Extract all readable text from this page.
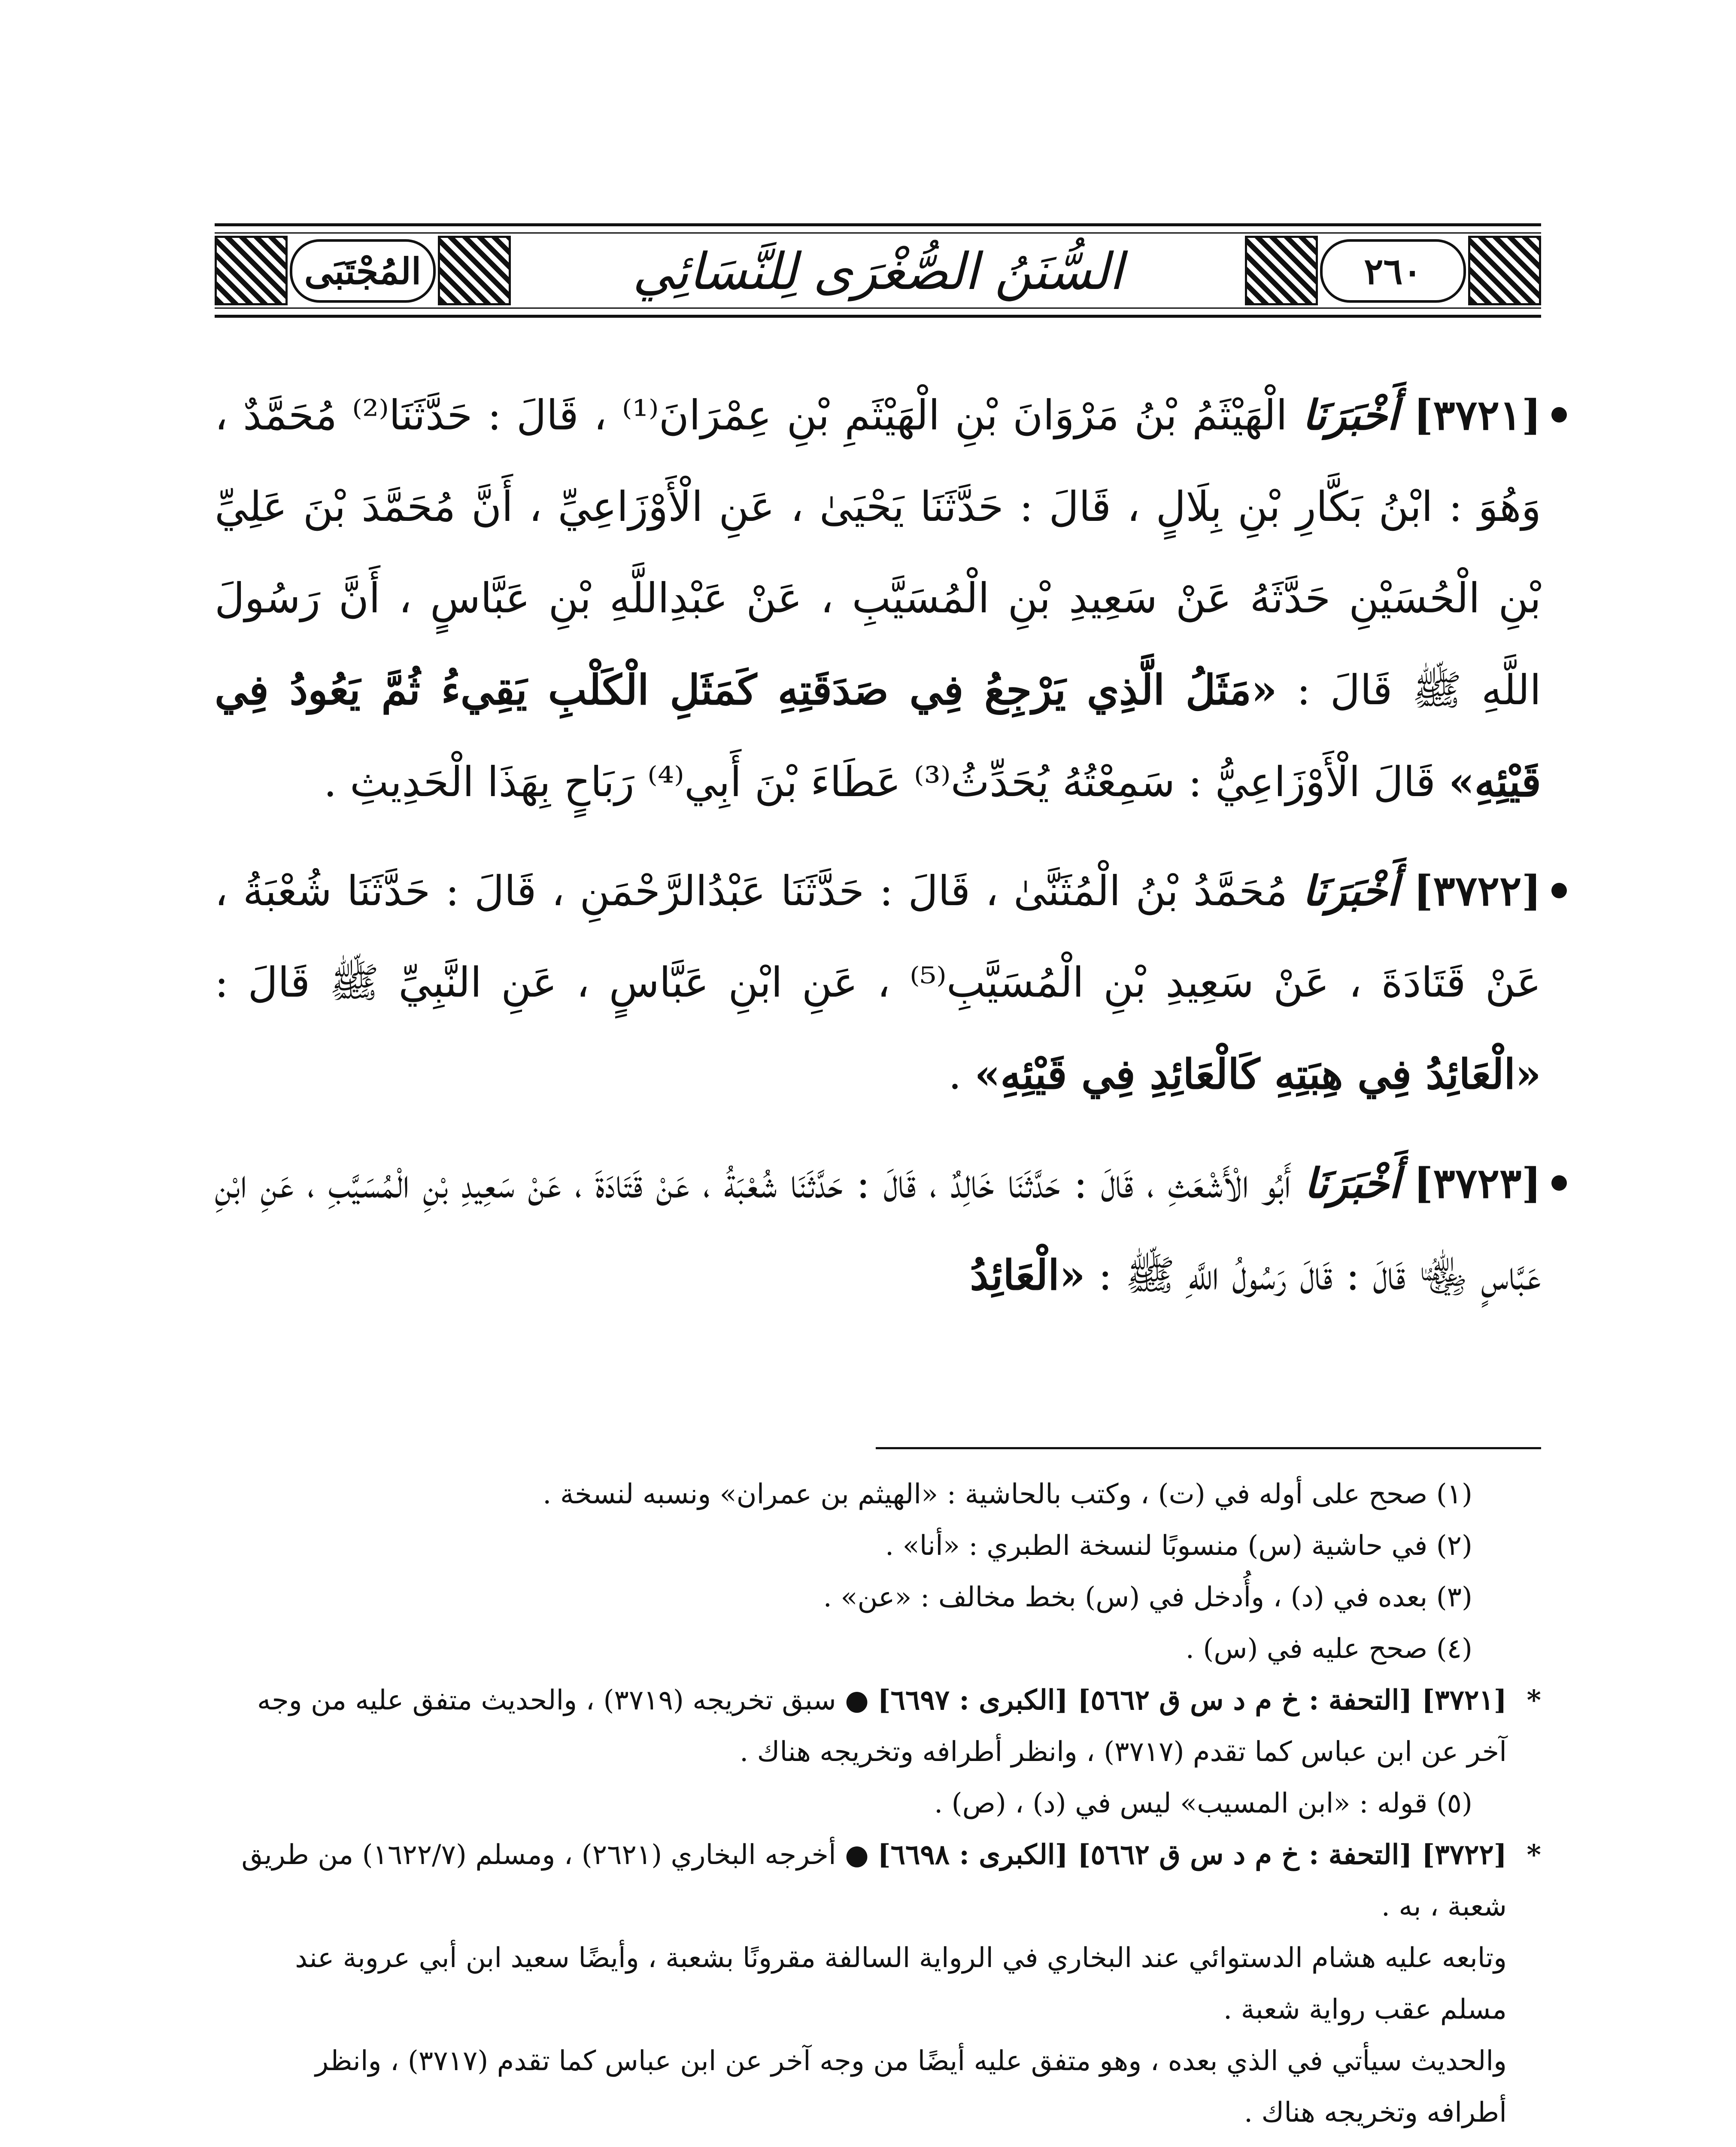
المُجْتَبَى	السُّنَنُ الصُّغْرَى لِلنَّسَائِي	٢٦٠
[٣٧٢١] أَخْبَرَنَا الْهَيْثَمُ بْنُ مَرْوَانَ بْنِ الْهَيْثَمِ بْنِ عِمْرَانَ⁽¹⁾ ، قَالَ : حَدَّثَنَا⁽²⁾ مُحَمَّدٌ ، وَهُوَ : ابْنُ بَكَّارِ بْنِ بِلَالٍ ، قَالَ : حَدَّثَنَا يَحْيَىٰ ، عَنِ الْأَوْزَاعِيِّ ، أَنَّ مُحَمَّدَ بْنَ عَلِيِّ بْنِ الْحُسَيْنِ حَدَّثَهُ عَنْ سَعِيدِ بْنِ الْمُسَيَّبِ ، عَنْ عَبْدِاللَّهِ بْنِ عَبَّاسٍ ، أَنَّ رَسُولَ اللَّهِ ﷺ قَالَ : «مَثَلُ الَّذِي يَرْجِعُ فِي صَدَقَتِهِ كَمَثَلِ الْكَلْبِ يَقِيءُ ثُمَّ يَعُودُ فِي قَيْئِهِ» قَالَ الْأَوْزَاعِيُّ : سَمِعْتُهُ يُحَدِّثُ⁽³⁾ عَطَاءَ بْنَ أَبِي⁽⁴⁾ رَبَاحٍ بِهَذَا الْحَدِيثِ .
[٣٧٢٢] أَخْبَرَنَا مُحَمَّدُ بْنُ الْمُثَنَّىٰ ، قَالَ : حَدَّثَنَا عَبْدُالرَّحْمَنِ ، قَالَ : حَدَّثَنَا شُعْبَةُ ، عَنْ قَتَادَةَ ، عَنْ سَعِيدِ بْنِ الْمُسَيَّبِ⁽⁵⁾ ، عَنِ ابْنِ عَبَّاسٍ ، عَنِ النَّبِيِّ ﷺ قَالَ : «الْعَائِدُ فِي هِبَتِهِ كَالْعَائِدِ فِي قَيْئِهِ» .
[٣٧٢٣] أَخْبَرَنَا أَبُو الْأَشْعَثِ ، قَالَ : حَدَّثَنَا خَالِدٌ ، قَالَ : حَدَّثَنَا شُعْبَةُ ، عَنْ قَتَادَةَ ، عَنْ سَعِيدِ بْنِ الْمُسَيَّبِ ، عَنِ ابْنِ عَبَّاسٍ ﵄ قَالَ : قَالَ رَسُولُ اللَّهِ ﷺ : «الْعَائِدُ
(١) صحح على أوله في (ت) ، وكتب بالحاشية : «الهيثم بن عمران» ونسبه لنسخة .
(٢) في حاشية (س) منسوبًا لنسخة الطبري : «أنا» .
(٣) بعده في (د) ، وأُدخل في (س) بخط مخالف : «عن» .
(٤) صحح عليه في (س) .
*
[٣٧٢١] [التحفة : خ م د س ق ٥٦٦٢] [الكبرى : ٦٦٩٧] ● سبق تخريجه (٣٧١٩) ، والحديث متفق عليه من وجه آخر عن ابن عباس كما تقدم (٣٧١٧) ، وانظر أطرافه وتخريجه هناك .
(٥) قوله : «ابن المسيب» ليس في (د) ، (ص) .
*
[٣٧٢٢] [التحفة : خ م د س ق ٥٦٦٢] [الكبرى : ٦٦٩٨] ● أخرجه البخاري (٢٦٢١) ، ومسلم (١٦٢٢/٧) من طريق شعبة ، به .
وتابعه عليه هشام الدستوائي عند البخاري في الرواية السالفة مقرونًا بشعبة ، وأيضًا سعيد ابن أبي عروبة عند مسلم عقب رواية شعبة .
والحديث سيأتي في الذي بعده ، وهو متفق عليه أيضًا من وجه آخر عن ابن عباس كما تقدم (٣٧١٧) ، وانظر أطرافه وتخريجه هناك .
